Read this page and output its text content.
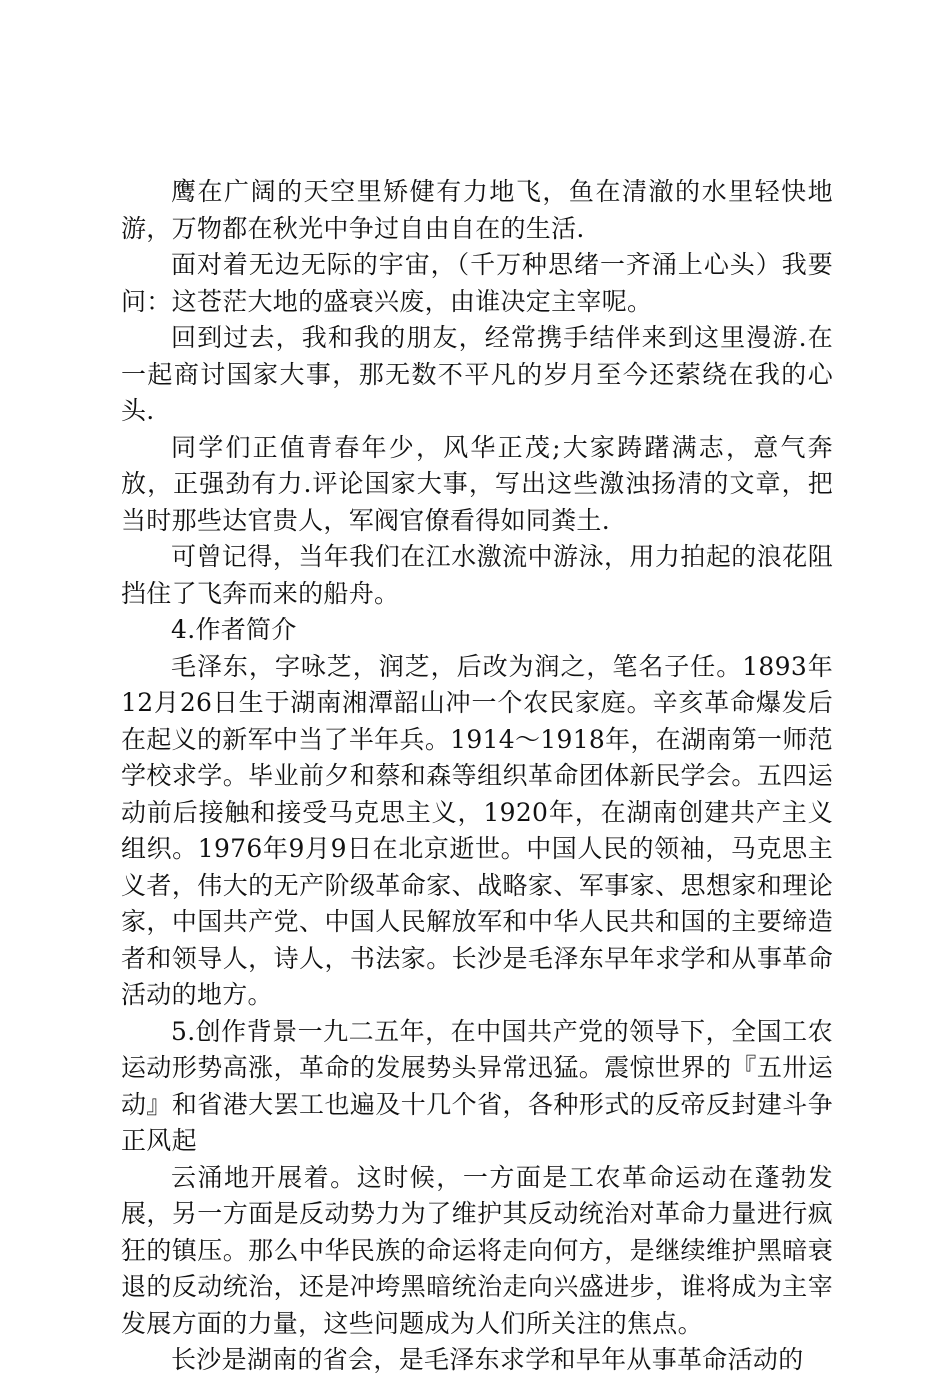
鹰在广阔的天空里矫健有力地飞，鱼在清澈的水里轻快地游，万物都在秋光中争过自由自在的生活.

面对着无边无际的宇宙，（千万种思绪一齐涌上心头）我要问：这苍茫大地的盛衰兴废，由谁决定主宰呢。

回到过去，我和我的朋友，经常携手结伴来到这里漫游.在一起商讨国家大事，那无数不平凡的岁月至今还萦绕在我的心头.

同学们正值青春年少，风华正茂;大家踌躇满志，意气奔放，正强劲有力.评论国家大事，写出这些激浊扬清的文章，把当时那些达官贵人，军阀官僚看得如同粪土.

可曾记得，当年我们在江水激流中游泳，用力拍起的浪花阻挡住了飞奔而来的船舟。

4.作者简介

毛泽东，字咏芝，润芝，后改为润之，笔名子任。1893年12月26日生于湖南湘潭韶山冲一个农民家庭。辛亥革命爆发后在起义的新军中当了半年兵。1914～1918年，在湖南第一师范学校求学。毕业前夕和蔡和森等组织革命团体新民学会。五四运动前后接触和接受马克思主义，1920年，在湖南创建共产主义组织。1976年9月9日在北京逝世。中国人民的领袖，马克思主义者，伟大的无产阶级革命家、战略家、军事家、思想家和理论家，中国共产党、中国人民解放军和中华人民共和国的主要缔造者和领导人，诗人，书法家。长沙是毛泽东早年求学和从事革命活动的地方。

5.创作背景一九二五年，在中国共产党的领导下，全国工农运动形势高涨，革命的发展势头异常迅猛。震惊世界的『五卅运动』和省港大罢工也遍及十几个省，各种形式的反帝反封建斗争正风起

云涌地开展着。这时候，一方面是工农革命运动在蓬勃发展，另一方面是反动势力为了维护其反动统治对革命力量进行疯狂的镇压。那么中华民族的命运将走向何方，是继续维护黑暗衰退的反动统治，还是冲垮黑暗统治走向兴盛进步，谁将成为主宰发展方面的力量，这些问题成为人们所关注的焦点。

长沙是湖南的省会，是毛泽东求学和早年从事革命活动的
